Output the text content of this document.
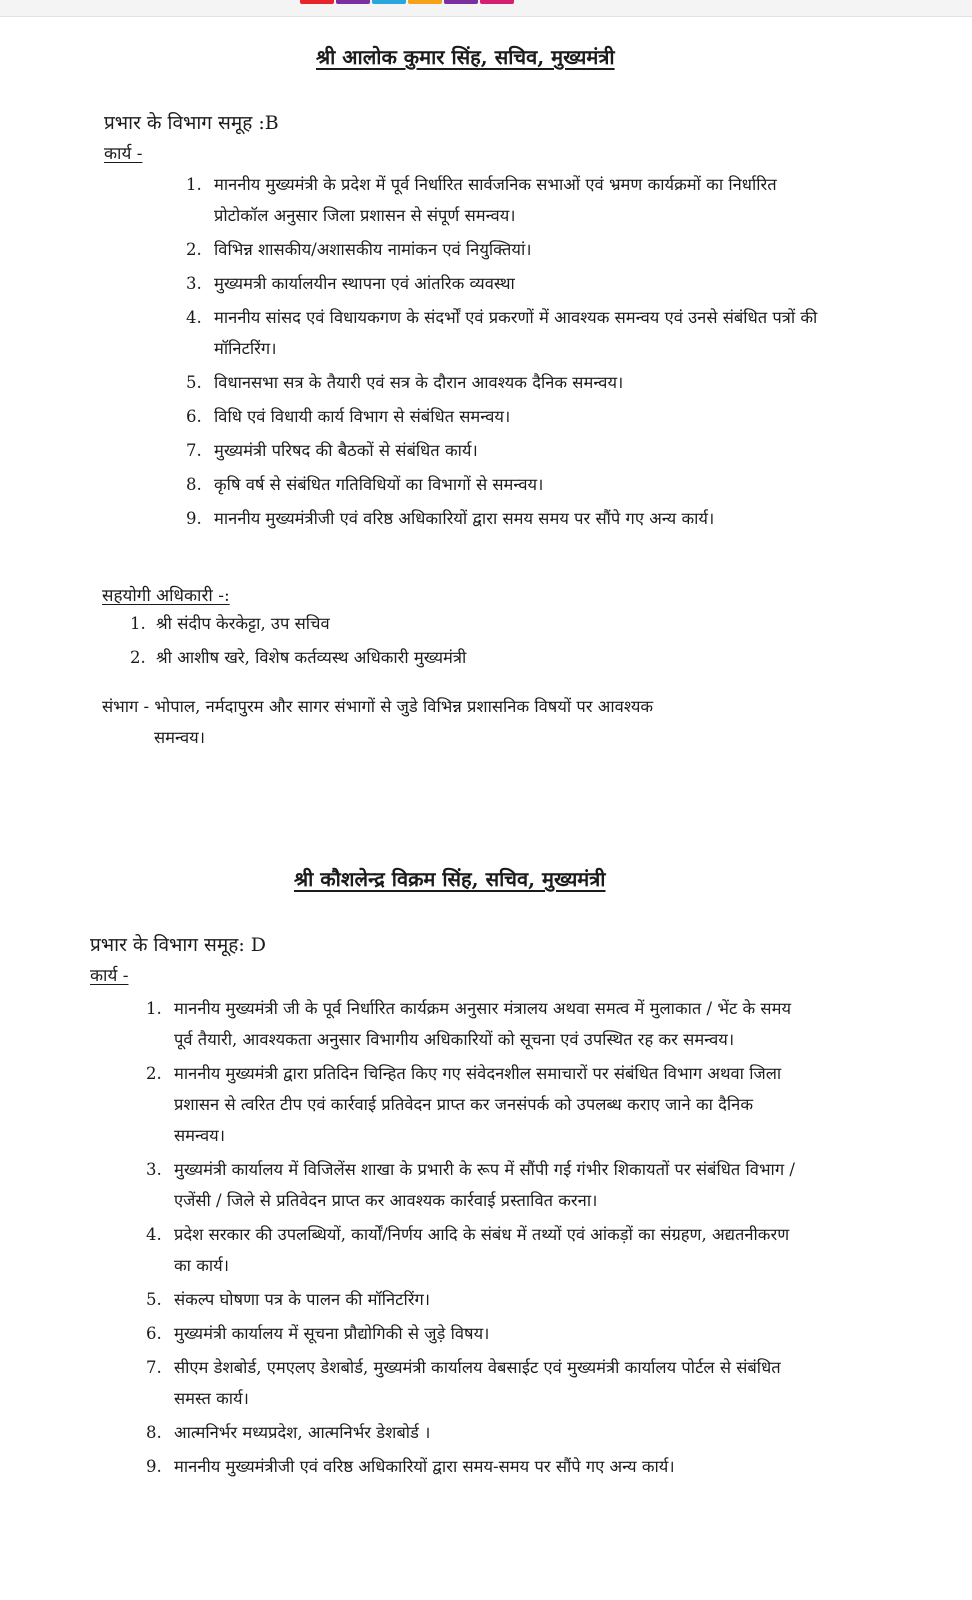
श्री आलोक कुमार सिंह, सचिव, मुख्यमंत्री

प्रभार के विभाग समूह :B

कार्य -

1. माननीय मुख्यमंत्री के प्रदेश में पूर्व निर्धारित सार्वजनिक सभाओं एवं भ्रमण कार्यक्रमों का निर्धारित प्रोटोकॉल अनुसार जिला प्रशासन से संपूर्ण समन्वय।
2. विभिन्न शासकीय/अशासकीय नामांकन एवं नियुक्तियां।
3. मुख्यमत्री कार्यालयीन स्थापना एवं आंतरिक व्यवस्था
4. माननीय सांसद एवं विधायकगण के संदर्भों एवं प्रकरणों में आवश्यक समन्वय एवं उनसे संबंधित पत्रों की मॉनिटरिंग।
5. विधानसभा सत्र के तैयारी एवं सत्र के दौरान आवश्यक दैनिक समन्वय।
6. विधि एवं विधायी कार्य विभाग से संबंधित समन्वय।
7. मुख्यमंत्री परिषद की बैठकों से संबंधित कार्य।
8. कृषि वर्ष से संबंधित गतिविधियों का विभागों से समन्वय।
9. माननीय मुख्यमंत्रीजी एवं वरिष्ठ अधिकारियों द्वारा समय समय पर सौंपे गए अन्य कार्य।

सहयोगी अधिकारी -:

1. श्री संदीप केरकेट्टा, उप सचिव
2. श्री आशीष खरे, विशेष कर्तव्यस्थ अधिकारी मुख्यमंत्री

संभाग - भोपाल, नर्मदापुरम और सागर संभागों से जुडे विभिन्न प्रशासनिक विषयों पर आवश्यक
समन्वय।

श्री कौशलेन्द्र विक्रम सिंह, सचिव, मुख्यमंत्री

प्रभार के विभाग समूह: D

कार्य -

1. माननीय मुख्यमंत्री जी के पूर्व निर्धारित कार्यक्रम अनुसार मंत्रालय अथवा समत्व में मुलाकात / भेंट के समय पूर्व तैयारी, आवश्यकता अनुसार विभागीय अधिकारियों को सूचना एवं उपस्थित रह कर समन्वय।
2. माननीय मुख्यमंत्री द्वारा प्रतिदिन चिन्हित किए गए संवेदनशील समाचारों पर संबंधित विभाग अथवा जिला प्रशासन से त्वरित टीप एवं कार्रवाई प्रतिवेदन प्राप्त कर जनसंपर्क को उपलब्ध कराए जाने का दैनिक समन्वय।
3. मुख्यमंत्री कार्यालय में विजिलेंस शाखा के प्रभारी के रूप में सौंपी गई गंभीर शिकायतों पर संबंधित विभाग / एजेंसी / जिले से प्रतिवेदन प्राप्त कर आवश्यक कार्रवाई प्रस्तावित करना।
4. प्रदेश सरकार की उपलब्धियों, कार्यों/निर्णय आदि के संबंध में तथ्यों एवं आंकड़ों का संग्रहण, अद्यतनीकरण का कार्य।
5. संकल्प घोषणा पत्र के पालन की मॉनिटरिंग।
6. मुख्यमंत्री कार्यालय में सूचना प्रौद्योगिकी से जुड़े विषय।
7. सीएम डेशबोर्ड, एमएलए डेशबोर्ड, मुख्यमंत्री कार्यालय वेबसाईट एवं मुख्यमंत्री कार्यालय पोर्टल से संबंधित समस्त कार्य।
8. आत्मनिर्भर मध्यप्रदेश, आत्मनिर्भर डेशबोर्ड ।
9. माननीय मुख्यमंत्रीजी एवं वरिष्ठ अधिकारियों द्वारा समय-समय पर सौंपे गए अन्य कार्य।
